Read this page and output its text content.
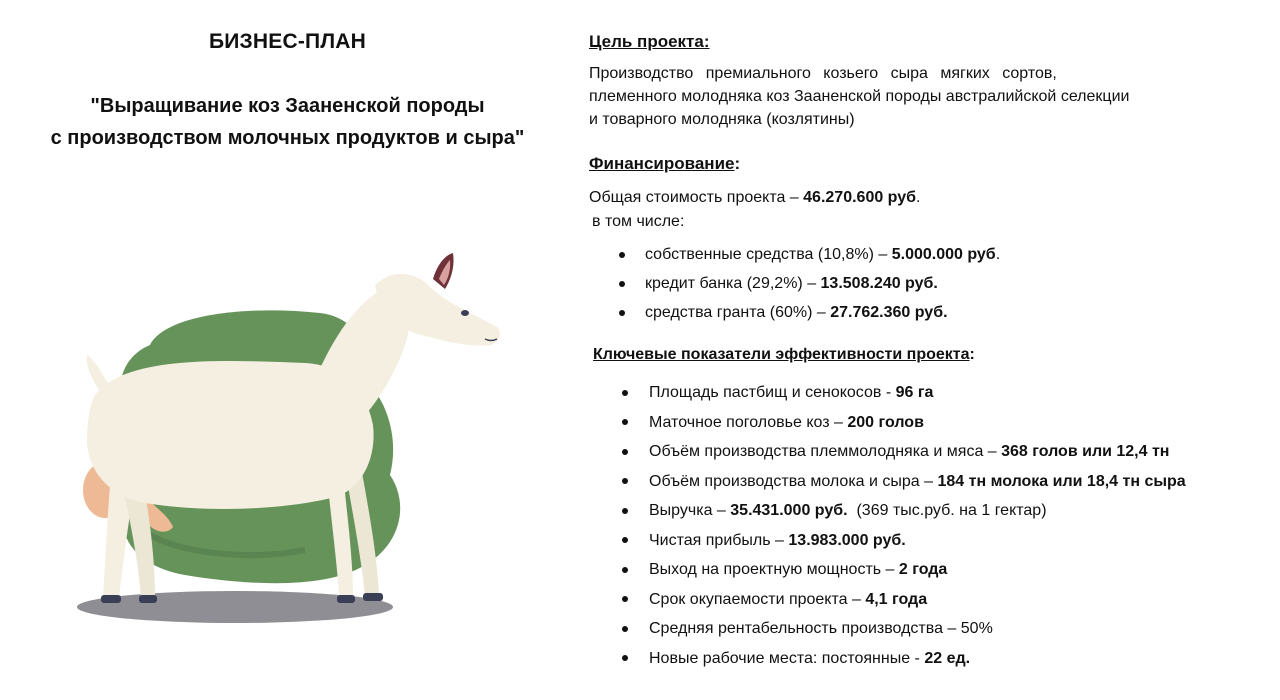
БИЗНЕС-ПЛАН
"Выращивание коз Зааненской породы
с производством молочных продуктов и сыра"
Цель проекта:
Производство премиального козьего сыра мягких сортов,
племенного молодняка коз Зааненской породы австралийской селекции
и товарного молодняка (козлятины)
Финансирование:
Общая стоимость проекта – 46.270.600 руб.
в том числе:
собственные средства (10,8%) – 5.000.000 руб.
кредит банка (29,2%) – 13.508.240 руб.
средства гранта (60%) – 27.762.360 руб.
Ключевые показатели эффективности проекта:
Площадь пастбищ и сенокосов - 96 га
Маточное поголовье коз – 200 голов
Объём производства племмолодняка и мяса – 368 голов или 12,4 тн
Объём производства молока и сыра – 184 тн молока или 18,4 тн сыра
Выручка – 35.431.000 руб.  (369 тыс.руб. на 1 гектар)
Чистая прибыль – 13.983.000 руб.
Выход на проектную мощность – 2 года
Срок окупаемости проекта – 4,1 года
Средняя рентабельность производства – 50%
Новые рабочие места: постоянные - 22 ед.
